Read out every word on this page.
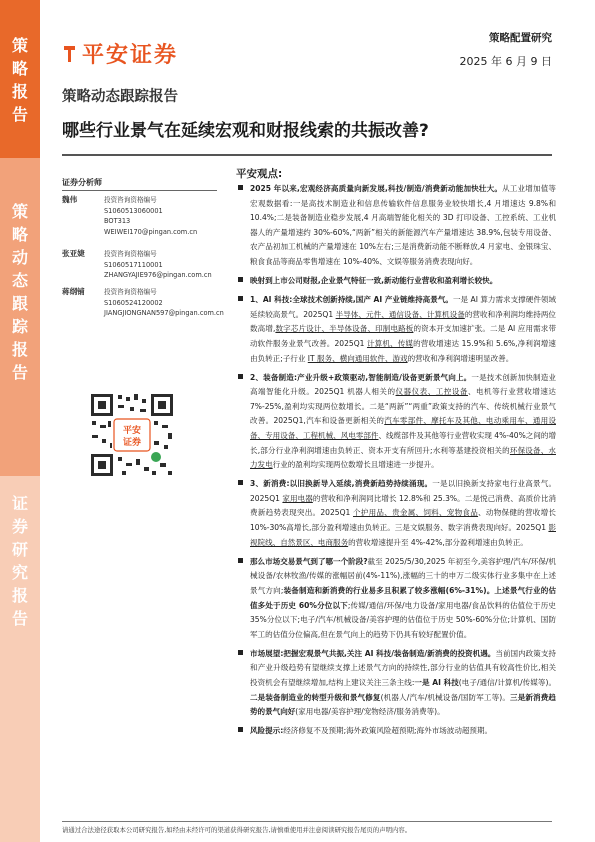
策
略
报
告
策
略
动
态
跟
踪
报
告
证
券
研
究
报
告
平安证券
策略配置研究
2025 年 6 月 9 日
策略动态跟踪报告
哪些行业景气在延续宏观和财报线索的共振改善?
证券分析师
魏伟	投资咨询资格编号
S1060513060001
BOT313
WEIWEI170@pingan.com.cn
张亚婕	投资咨询资格编号
S1060517110001
ZHANGYAJIE976@pingan.com.cn
蒋纲铺	投资咨询资格编号
S1060524120002
JIANGJIONGNAN597@pingan.com.cn
平安
证券
平安观点:

2025 年以来,宏观经济高质量向新发展,科技/制造/消费新动能加快壮大。从工业增加值等宏观数据看:一是高技术制造业和信息传输软件信息服务业较快增长,4 月增速达 9.8%和 10.4%;二是装备制造业稳步发展,4 月高端智能化相关的 3D 打印设备、工控系统、工业机器人的产量增速约 30%-60%,“两新”相关的新能源汽车产量增速达 38.9%,包装专用设备、农产品初加工机械的产量增速在 10%左右;三是消费新动能不断释放,4 月家电、金银珠宝、粮食食品等商品零售增速在 10%-40%、文娱等服务消费表现向好。

映射到上市公司财报,企业景气特征一致,新动能行业营收和盈利增长较快。

1、AI 科技:全球技术创新持续,国产 AI 产业链维持高景气。一是 AI 算力需求支撑硬件领域延续较高景气。2025Q1 半导体、元件、通信设备、计算机设备的营收和净利润均维持两位数高增,数字芯片设计、半导体设备、印制电路板的资本开支加速扩张。二是 AI 应用需求带动软件服务业景气改善。2025Q1 计算机、传媒的营收增速达 15.9%和 5.6%,净利润增速由负转正;子行业 IT 服务、横向通用软件、游戏的营收和净利润增速明显改善。

2、装备制造:产业升级+政策驱动,智能制造/设备更新景气向上。一是技术创新加快制造业高端智能化升级。2025Q1 机器人相关的仪器仪表、工控设备、电机等行业营收增速达 7%-25%,盈利均实现两位数增长。二是“两新”“两重”政策支持的汽车、传统机械行业景气改善。2025Q1,汽车和设备更新相关的汽车零部件、摩托车及其他、电动乘用车、通用设备、专用设备、工程机械、风电零部件、线缆部件及其他等行业营收实现 4%-40%之间的增长,部分行业净利润增速由负转正、资本开支有所回升;水利等基建投资相关的环保设备、水力发电行业的盈利均实现两位数增长且增速进一步提升。

3、新消费:以旧换新导入延续,消费新趋势持续涌现。一是以旧换新支持家电行业高景气。2025Q1 家用电器的营收和净利润同比增长 12.8%和 25.3%。二是悦己消费、高质价比消费新趋势表现突出。2025Q1 个护用品、贵金属、饲料、宠物食品、动物保健的营收增长 10%-30%高增长,部分盈利增速由负转正。三是文娱服务、数字消费表现向好。2025Q1 影视院线、自然景区、电商服务的营收增速提升至 4%-42%,部分盈利增速由负转正。

那么市场交易景气到了哪一个阶段?截至 2025/5/30,2025 年初至今,美容护理/汽车/环保/机械设备/农林牧渔/传媒的涨幅居前(4%-11%),涨幅的三十的申万二级实体行业多集中在上述景气方向;装备制造和新消费的行业易多且积累了较多涨幅(6%-31%)。上述景气行业的估值多处于历史 60%分位以下;传媒/通信/环保/电力设备/家用电器/食品饮料的估值位于历史 35%分位以下;电子/汽车/机械设备/美容护理的估值位于历史 50%-60%分位;计算机、国防军工的估值分位偏高,但在景气向上的趋势下仍具有较好配置价值。

市场展望:把握宏观景气共振,关注 AI 科技/装备制造/新消费的投资机遇。当前国内政策支持和产业升级趋势有望继续支撑上述景气方向的持续性,部分行业的估值具有较高性价比,相关投资机会有望继续增加,结构上建议关注三条主线:一是 AI 科技(电子/通信/计算机/传媒等)。二是装备制造业的转型升级和景气修复(机器人/汽车/机械设备/国防军工等)。三是新消费趋势的景气向好(家用电器/美容护理/宠物经济/服务消费等)。

风险提示:经济修复不及预期;海外政策风险超预期;海外市场波动超预期。

请通过合法途径获取本公司研究报告,如经由未经许可的渠道获得研究报告,请慎重使用并注意阅读研究报告尾页的声明内容。
